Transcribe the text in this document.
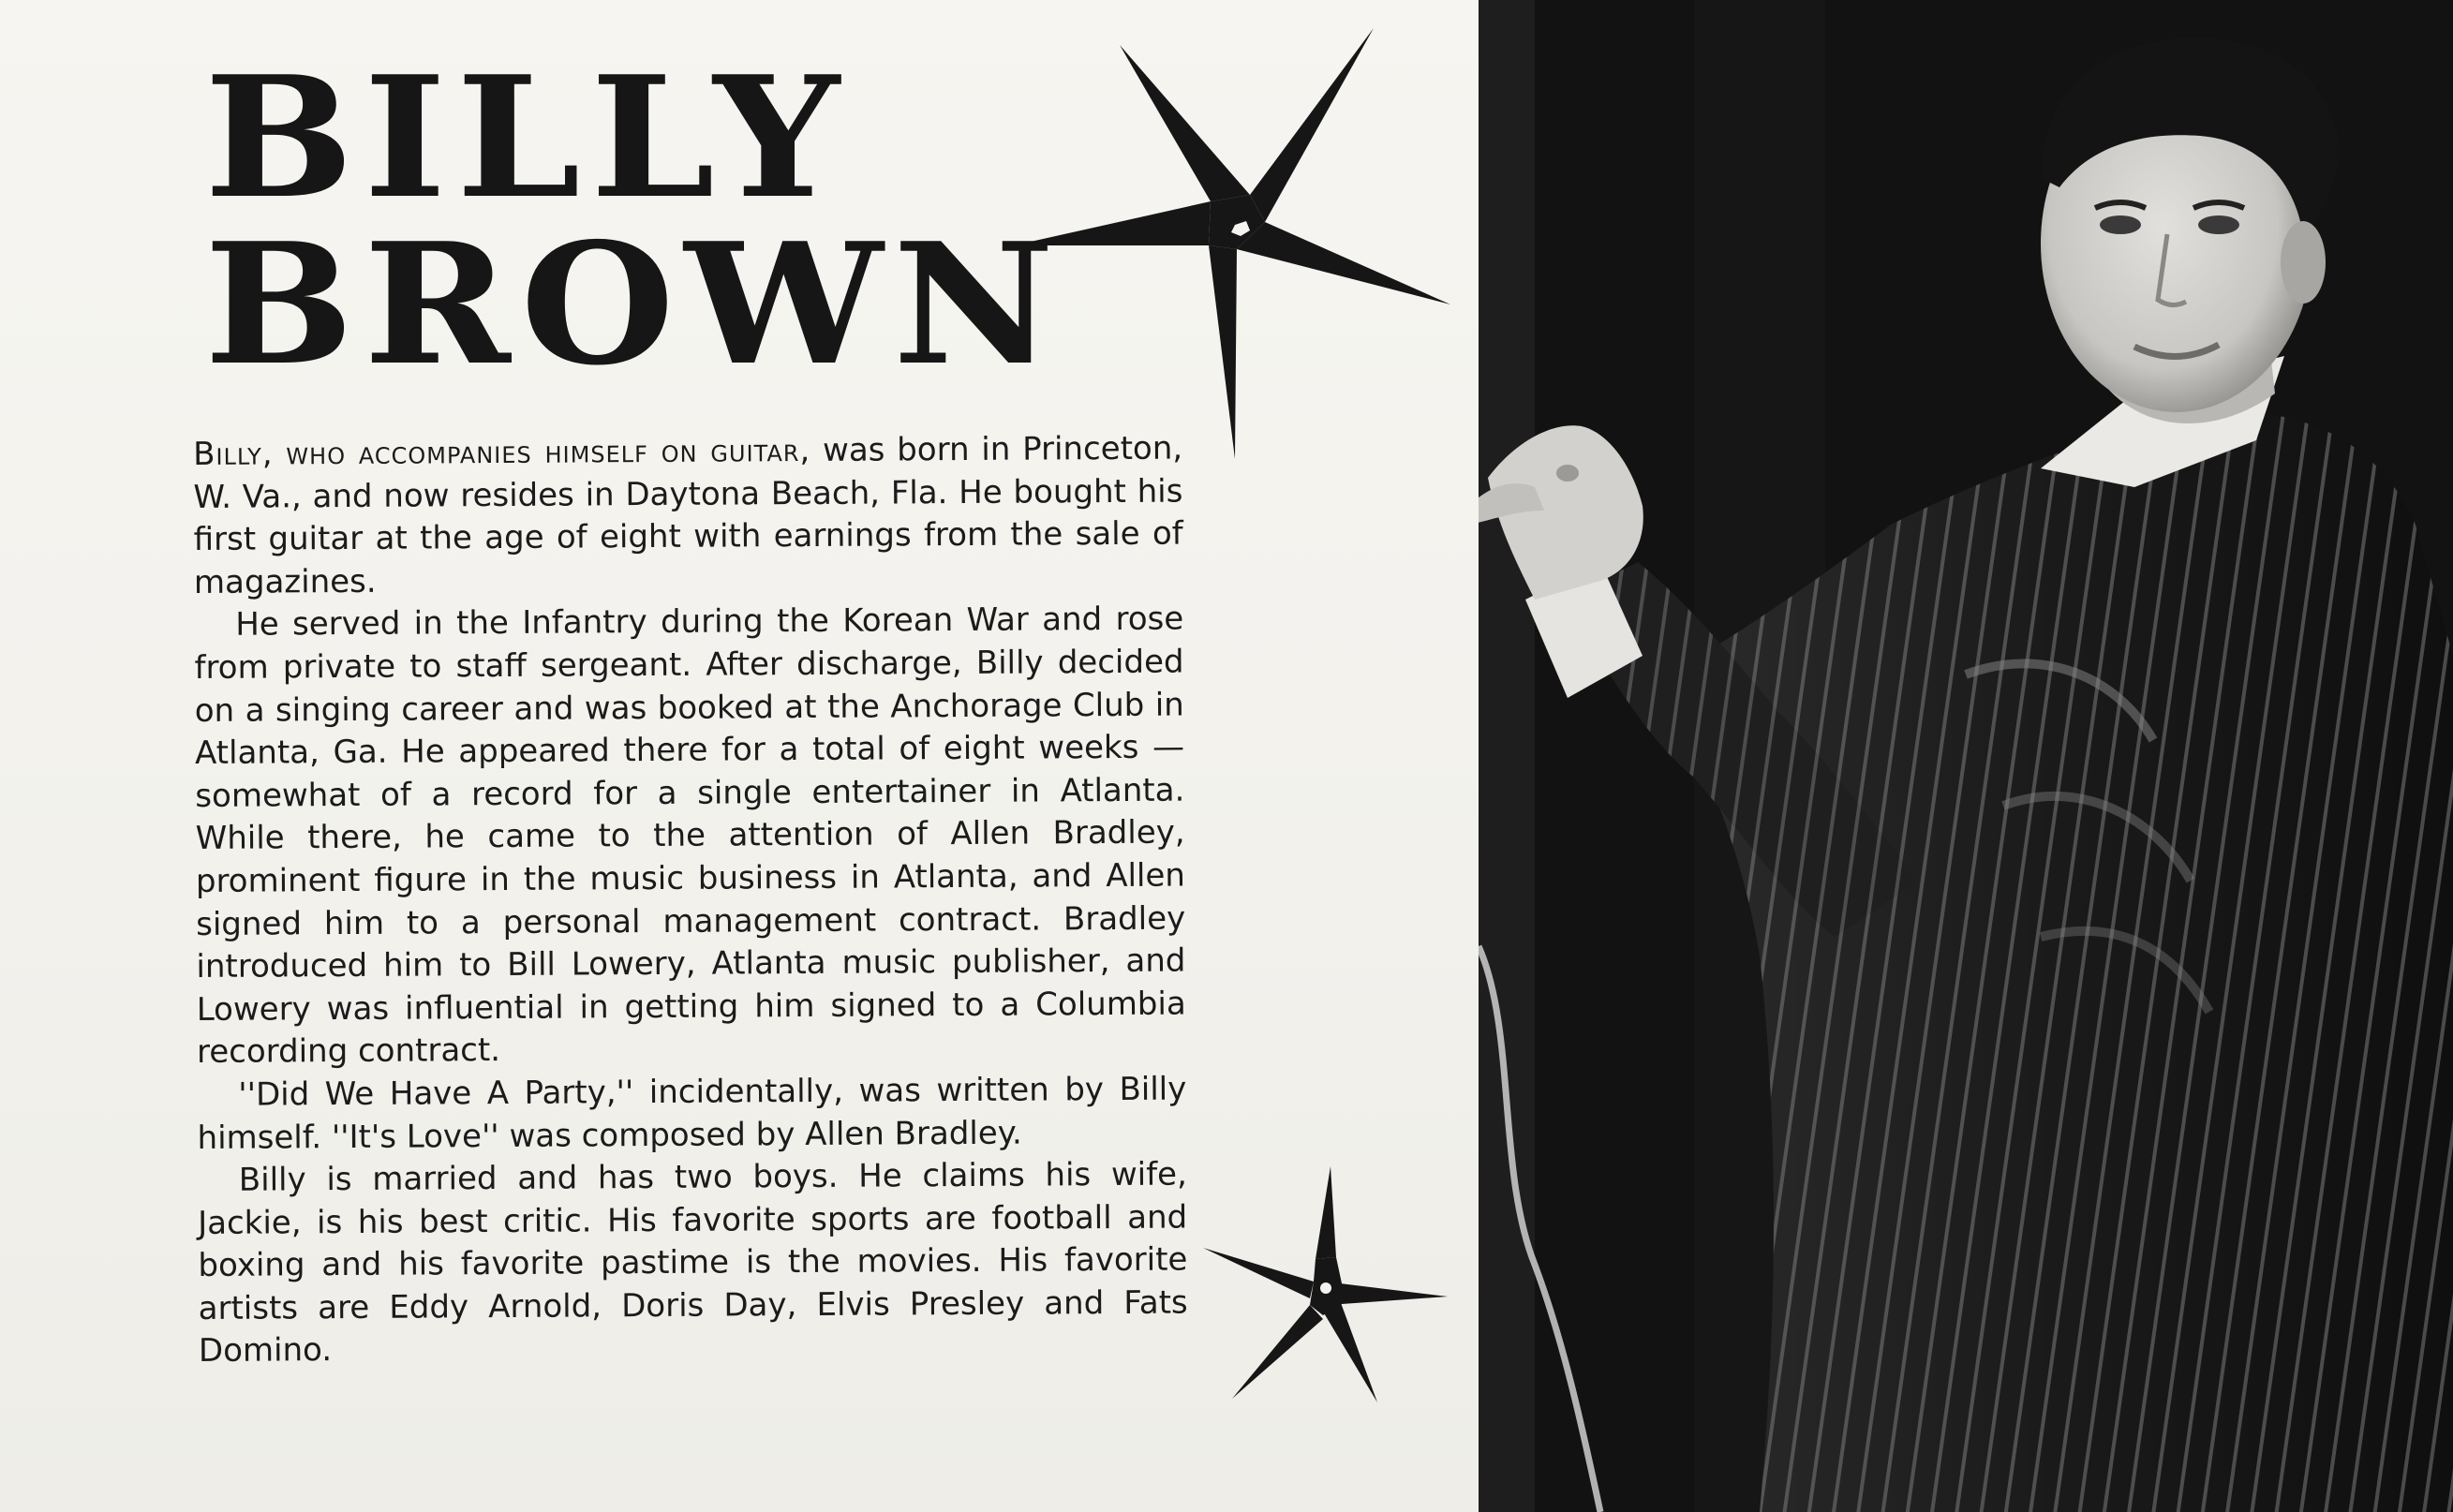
BILLY
BROWN

Billy, who accompanies himself on guitar, was born in Princeton, W. Va., and now resides in Daytona Beach, Fla. He bought his first guitar at the age of eight with earnings from the sale of magazines.

He served in the Infantry during the Korean War and rose from private to staff sergeant. After discharge, Billy decided on a singing career and was booked at the Anchorage Club in Atlanta, Ga. He appeared there for a total of eight weeks —somewhat of a record for a single entertainer in Atlanta. While there, he came to the attention of Allen Bradley, prominent figure in the music business in Atlanta, and Allen signed him to a personal management contract. Bradley introduced him to Bill Lowery, Atlanta music publisher, and Lowery was influential in getting him signed to a Columbia recording contract.

''Did We Have A Party,'' incidentally, was written by Billy himself. ''It's Love'' was composed by Allen Bradley.

Billy is married and has two boys. He claims his wife, Jackie, is his best critic. His favorite sports are football and boxing and his favorite pastime is the movies. His favorite artists are Eddy Arnold, Doris Day, Elvis Presley and Fats Domino.
